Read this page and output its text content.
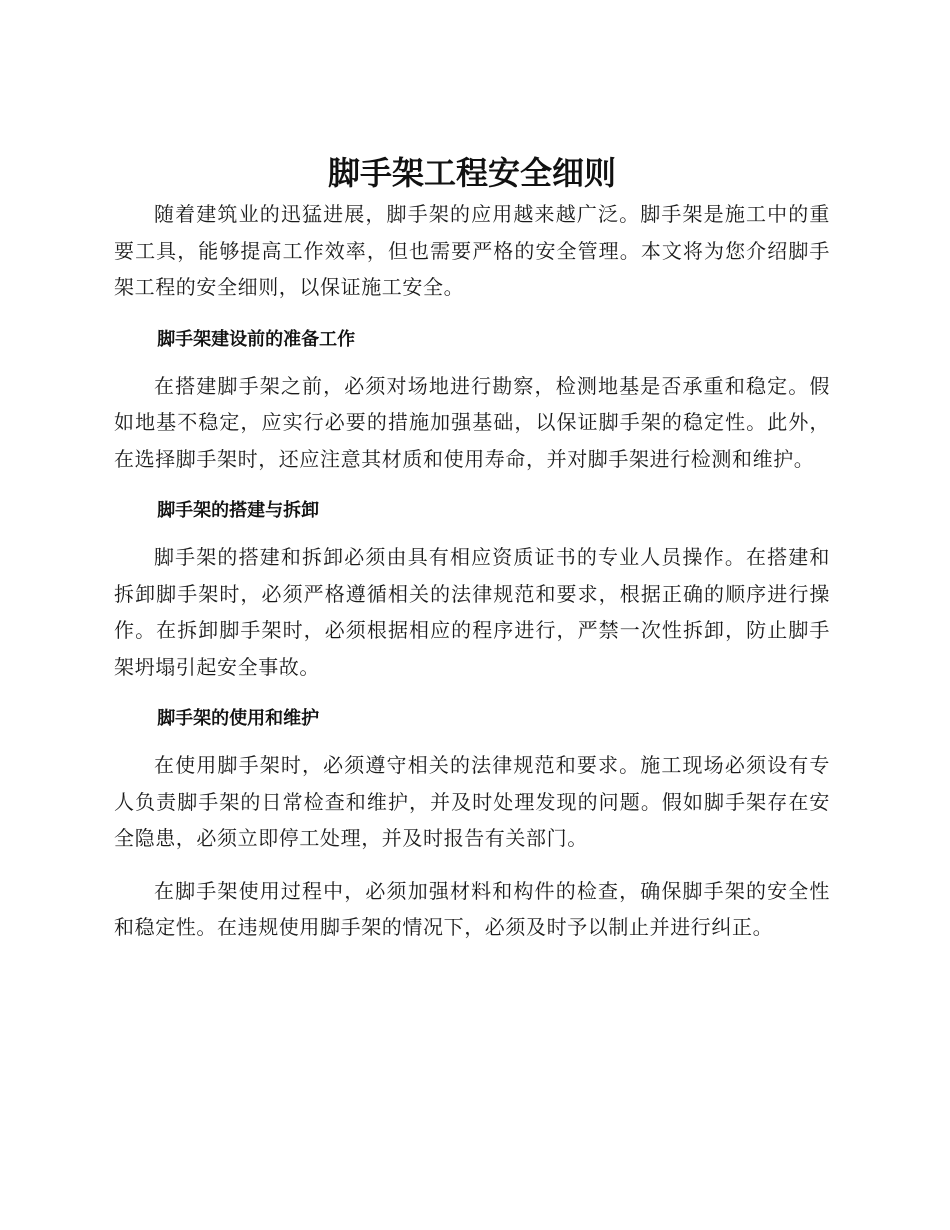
脚手架工程安全细则

随着建筑业的迅猛进展，脚手架的应用越来越广泛。脚手架是施工中的重要工具，能够提高工作效率，但也需要严格的安全管理。本文将为您介绍脚手架工程的安全细则，以保证施工安全。

脚手架建设前的准备工作

在搭建脚手架之前，必须对场地进行勘察，检测地基是否承重和稳定。假如地基不稳定，应实行必要的措施加强基础，以保证脚手架的稳定性。此外，在选择脚手架时，还应注意其材质和使用寿命，并对脚手架进行检测和维护。

脚手架的搭建与拆卸

脚手架的搭建和拆卸必须由具有相应资质证书的专业人员操作。在搭建和拆卸脚手架时，必须严格遵循相关的法律规范和要求，根据正确的顺序进行操作。在拆卸脚手架时，必须根据相应的程序进行，严禁一次性拆卸，防止脚手架坍塌引起安全事故。

脚手架的使用和维护

在使用脚手架时，必须遵守相关的法律规范和要求。施工现场必须设有专人负责脚手架的日常检查和维护，并及时处理发现的问题。假如脚手架存在安全隐患，必须立即停工处理，并及时报告有关部门。

在脚手架使用过程中，必须加强材料和构件的检查，确保脚手架的安全性和稳定性。在违规使用脚手架的情况下，必须及时予以制止并进行纠正。
